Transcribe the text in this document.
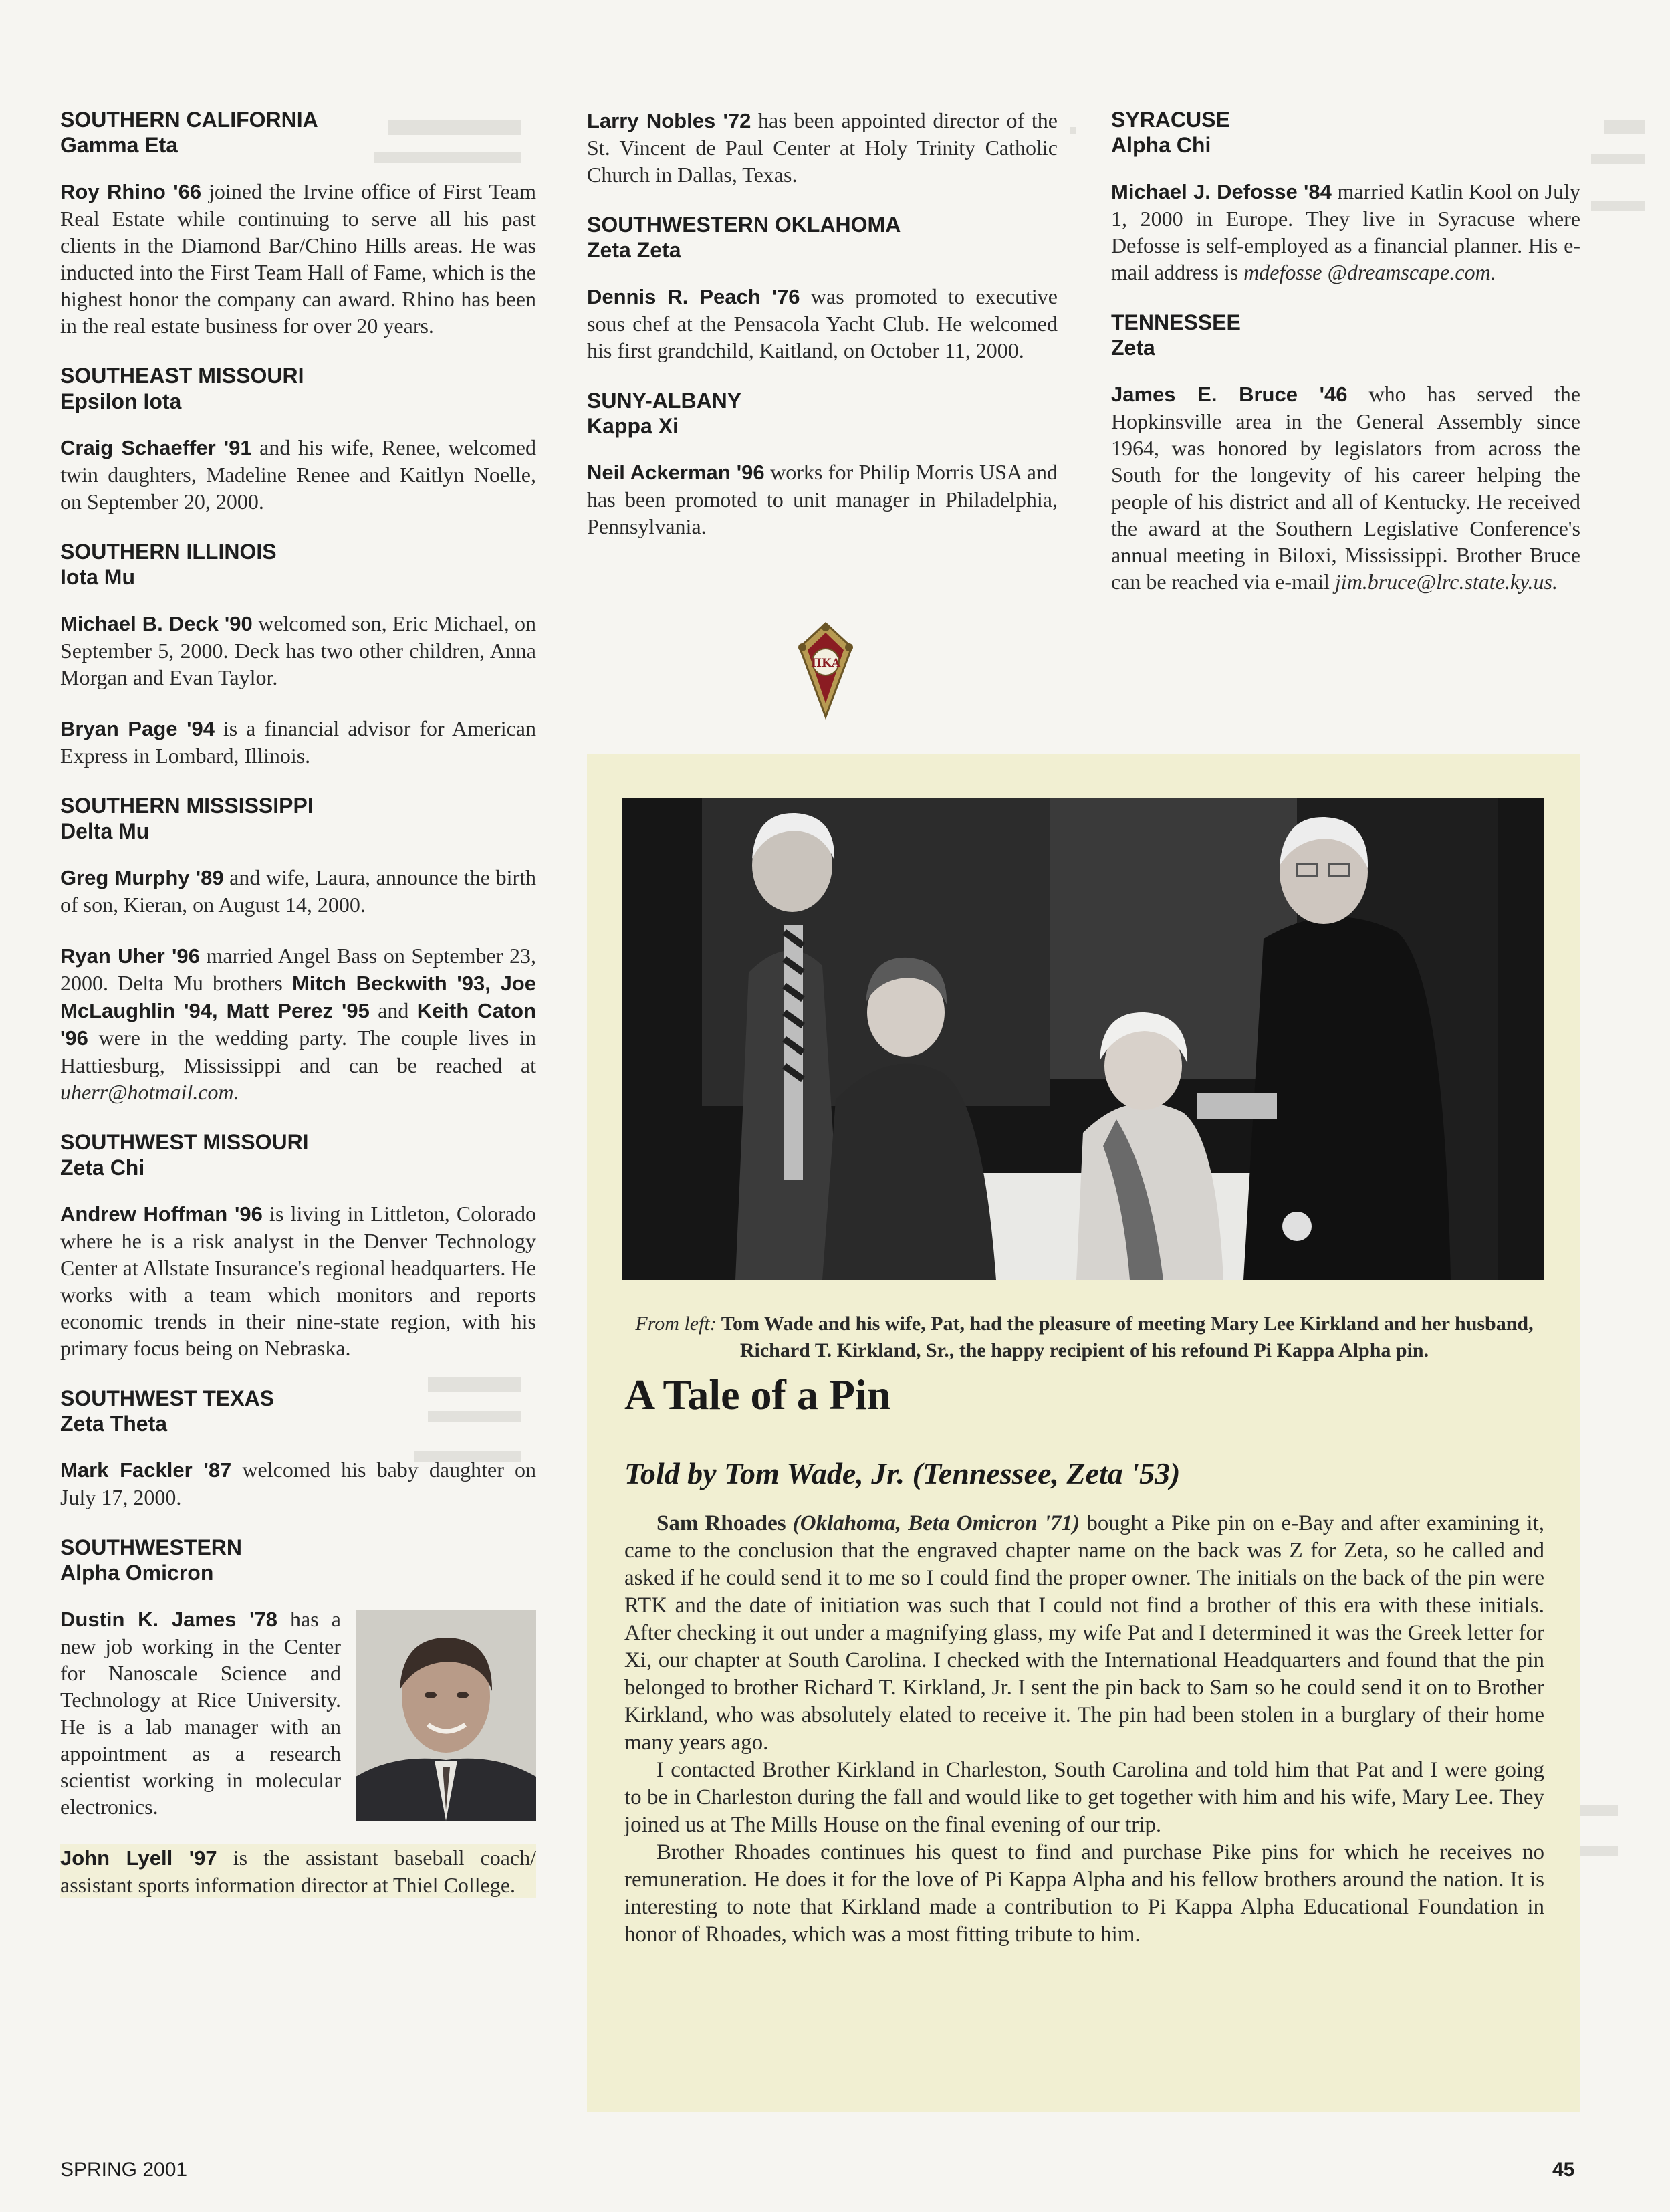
SOUTHERN CALIFORNIA
Gamma Eta

Roy Rhino '66 joined the Irvine office of First Team Real Estate while continuing to serve all his past clients in the Diamond Bar/Chino Hills areas. He was inducted into the First Team Hall of Fame, which is the highest honor the company can award. Rhino has been in the real estate business for over 20 years.

SOUTHEAST MISSOURI
Epsilon Iota

Craig Schaeffer '91 and his wife, Renee, welcomed twin daughters, Madeline Renee and Kaitlyn Noelle, on September 20, 2000.

SOUTHERN ILLINOIS
Iota Mu

Michael B. Deck '90 welcomed son, Eric Michael, on September 5, 2000. Deck has two other children, Anna Morgan and Evan Taylor.

Bryan Page '94 is a financial advisor for American Express in Lombard, Illinois.

SOUTHERN MISSISSIPPI
Delta Mu

Greg Murphy '89 and wife, Laura, announce the birth of son, Kieran, on August 14, 2000.

Ryan Uher '96 married Angel Bass on September 23, 2000. Delta Mu brothers Mitch Beckwith '93, Joe McLaughlin '94, Matt Perez '95 and Keith Caton '96 were in the wedding party. The couple lives in Hattiesburg, Mississippi and can be reached at uherr@hotmail.com.

SOUTHWEST MISSOURI
Zeta Chi

Andrew Hoffman '96 is living in Littleton, Colorado where he is a risk analyst in the Denver Technology Center at Allstate Insurance's regional headquarters. He works with a team which monitors and reports economic trends in their nine-state region, with his primary focus being on Nebraska.

SOUTHWEST TEXAS
Zeta Theta

Mark Fackler '87 welcomed his baby daughter on July 17, 2000.

SOUTHWESTERN
Alpha Omicron

Dustin K. James '78 has a new job working in the Center for Nanoscale Science and Technology at Rice University. He is a lab manager with an appointment as a research scientist working in molecular electronics.

John Lyell '97 is the assistant baseball coach/ assistant sports information director at Thiel College.

Larry Nobles '72 has been appointed director of the St. Vincent de Paul Center at Holy Trinity Catholic Church in Dallas, Texas.

SOUTHWESTERN OKLAHOMA
Zeta Zeta

Dennis R. Peach '76 was promoted to executive sous chef at the Pensacola Yacht Club. He welcomed his first grandchild, Kaitland, on October 11, 2000.

SUNY-ALBANY
Kappa Xi

Neil Ackerman '96 works for Philip Morris USA and has been promoted to unit manager in Philadelphia, Pennsylvania.

ΠΚΑ
SYRACUSE
Alpha Chi

Michael J. Defosse '84 married Katlin Kool on July 1, 2000 in Europe. They live in Syracuse where Defosse is self-employed as a financial planner. His e-mail address is mdefosse @dreamscape.com.

TENNESSEE
Zeta

James E. Bruce '46 who has served the Hopkinsville area in the General Assembly since 1964, was honored by legislators from across the South for the longevity of his career helping the people of his district and all of Kentucky. He received the award at the Southern Legislative Conference's annual meeting in Biloxi, Mississippi. Brother Bruce can be reached via e-mail jim.bruce@lrc.state.ky.us.

From left: Tom Wade and his wife, Pat, had the pleasure of meeting Mary Lee Kirkland and her husband, Richard T. Kirkland, Sr., the happy recipient of his refound Pi Kappa Alpha pin.

A Tale of a Pin
Told by Tom Wade, Jr. (Tennessee, Zeta '53)

Sam Rhoades (Oklahoma, Beta Omicron '71) bought a Pike pin on e-Bay and after examining it, came to the conclusion that the engraved chapter name on the back was Z for Zeta, so he called and asked if he could send it to me so I could find the proper owner. The initials on the back of the pin were RTK and the date of initiation was such that I could not find a brother of this era with these initials. After checking it out under a magnifying glass, my wife Pat and I determined it was the Greek letter for Xi, our chapter at South Carolina. I checked with the International Headquarters and found that the pin belonged to brother Richard T. Kirkland, Jr. I sent the pin back to Sam so he could send it on to Brother Kirkland, who was absolutely elated to receive it. The pin had been stolen in a burglary of their home many years ago.

I contacted Brother Kirkland in Charleston, South Carolina and told him that Pat and I were going to be in Charleston during the fall and would like to get together with him and his wife, Mary Lee. They joined us at The Mills House on the final evening of our trip.

Brother Rhoades continues his quest to find and purchase Pike pins for which he receives no remuneration. He does it for the love of Pi Kappa Alpha and his fellow brothers around the nation. It is interesting to note that Kirkland made a contribution to Pi Kappa Alpha Educational Foundation in honor of Rhoades, which was a most fitting tribute to him.

SPRING 2001	45
